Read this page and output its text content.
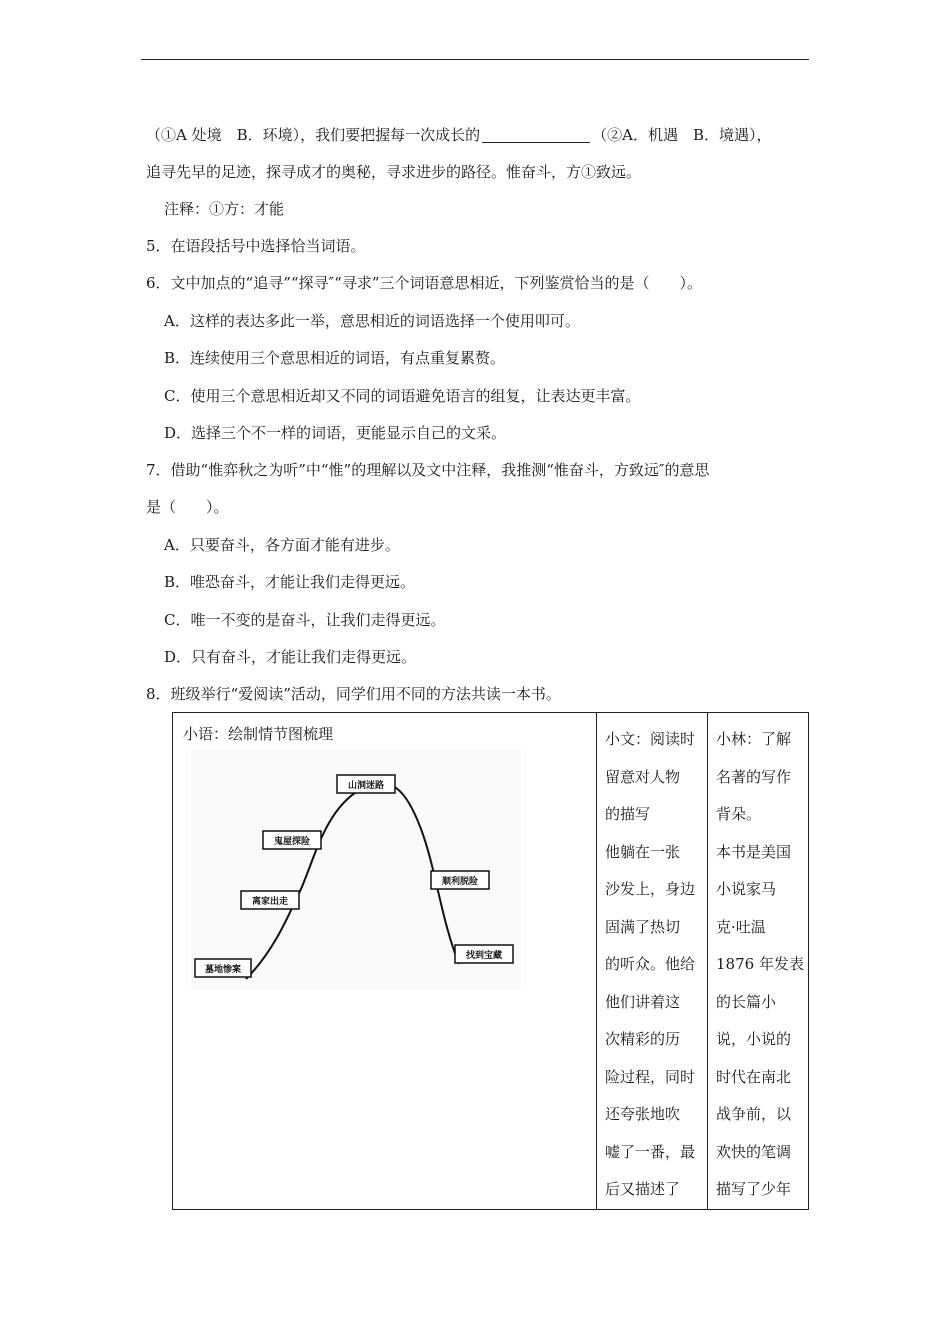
（①A 处境　B．环境），我们要把握每一次成长的	（②A．机遇　B．境遇），
追寻先早的足迹，探寻成才的奥秘，寻求进步的路径。惟奋斗，方①致远。
注释：①方：才能
5．在语段括号中选择恰当词语。
6．文中加点的“追寻”“探寻″“寻求”三个词语意思相近，下列鉴赏恰当的是（　　）。
A．这样的表达多此一举，意思相近的词语选择一个使用叩可。
B．连续使用三个意思相近的词语，有点重复累赘。
C．使用三个意思相近却又不同的词语避免语言的组复，让表达更丰富。
D．选择三个不一样的词语，更能显示自己的文采。
7．借助“惟弈秋之为听”中“惟”的理解以及文中注释，我推测“惟奋斗，方致远″的意思
是（　　）。
A．只要奋斗，各方面才能有进步。
B．唯恐奋斗，才能让我们走得更远。
C．唯一不变的是奋斗，让我们走得更远。
D．只有奋斗，才能让我们走得更远。
8．班级举行“爱阅读”活动，同学们用不同的方法共读一本书。
小语：绘制情节图梳理
墓地惨案
离家出走
鬼屋探险
山洞迷路
顺利脱险
找到宝藏

小文：阅读时
留意对人物
的描写
他躺在一张
沙发上，身边
固满了热切
的听众。他给
他们讲着这
次精彩的历
险过程，同时
还夸张地吹
嘘了一番，最
后又描述了

小林：了解
名著的写作
背朵。
本书是美国
小说家马
克·吐温
1876 年发表
的长篇小
说，小说的
时代在南北
战争前，以
欢快的笔调
描写了少年
